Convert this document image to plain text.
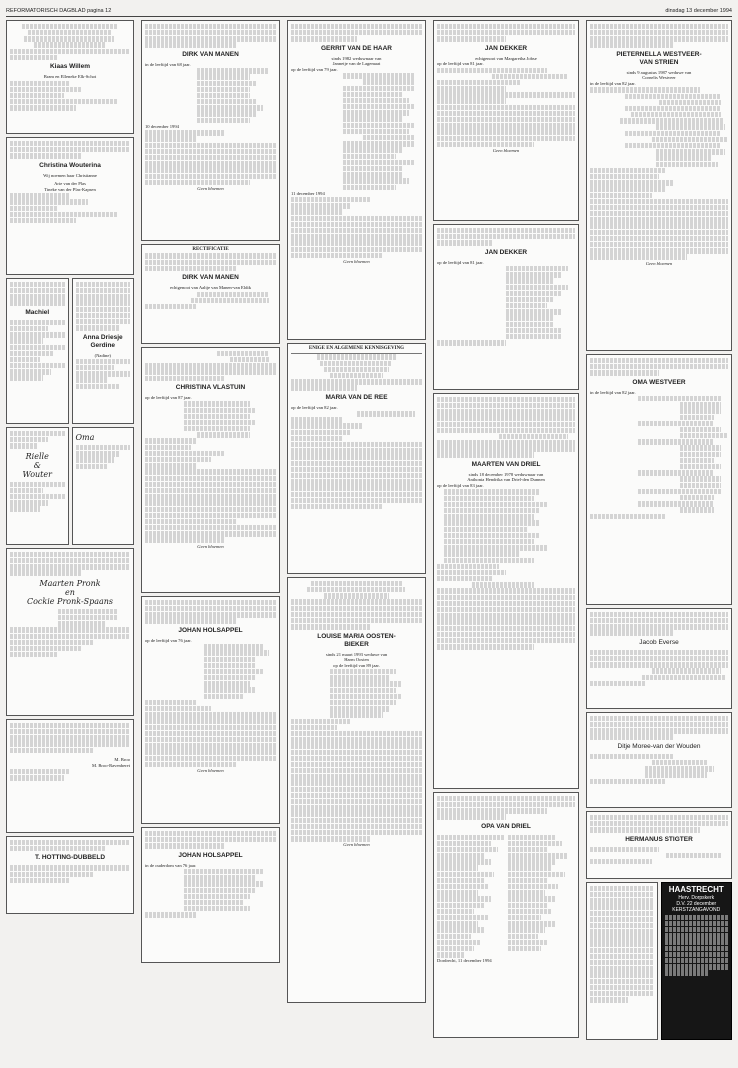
REFORMATORISCH DAGBLAD pagina 12	dinsdag 13 december 1994
Kiaas Willem
Bram en Elleneke Elk-Schot
Christina Wouterina
Wij noemen haar Christianne
Arie van der Plas
Tineke van der Plas-Kapsen
Machiel
Anna Driesje
Gerdine
(Nadine)
Rielle
&
Wouter
Oma
Maarten Pronk
en
Cockie Pronk-Spaans
M. Broo
M. Broo-Ravenberet
T. HOTTING-DUBBELD
DIRK VAN MANEN
in de leeftijd van 68 jaar.
10 december 1994
Geen bloemen
RECTIFICATIE
DIRK VAN MANEN
echtgenoot van Aaltje van Manen-van Eldik
CHRISTINA VLASTUIN
op de leeftijd van 87 jaar.
Geen bloemen
JOHAN HOLSAPPEL
op de leeftijd van 76 jaar.
Geen bloemen
JOHAN HOLSAPPEL
in de ouderdom van 76 jaar.
GERRIT VAN DE HAAR
sinds 1982 weduwnaar van
Jannetje van de Lagemaat
op de leeftijd van 79 jaar.
11 december 1994
Geen bloemen
ENIGE EN ALGEMENE KENNISGEVING
MARIA VAN DE REE
op de leeftijd van 82 jaar.
LOUISE MARIA OOSTEN-
BIEKER
sinds 21 maart 1993 weduwe van
Harm Oosten
op de leeftijd van 89 jaar.
Geen bloemen
JAN DEKKER
echtgenoot van Margaretha Jobse
op de leeftijd van 81 jaar.
Geen bloemen
JAN DEKKER
op de leeftijd van 81 jaar.
MAARTEN VAN DRIEL
sinds 18 december 1978 weduwnaar van
Anthonia Hendrika van Driel-den Dunnen
op de leeftijd van 83 jaar.
OPA VAN DRIEL
Dordrecht, 11 december 1994
PIETERNELLA WESTVEER-
VAN STRIEN
sinds 9 augustus 1987 weduwe van
Cornelis Westveer
in de leeftijd van 82 jaar.
Geen bloemen
OMA WESTVEER
in de leeftijd van 82 jaar.
Jacob Everse
Ditje Moree-van der Wouden
HERMANUS STIGTER
HAASTRECHT
Herv. Dorpskerk
D.V. 22 december
KERSTZANGAVOND
